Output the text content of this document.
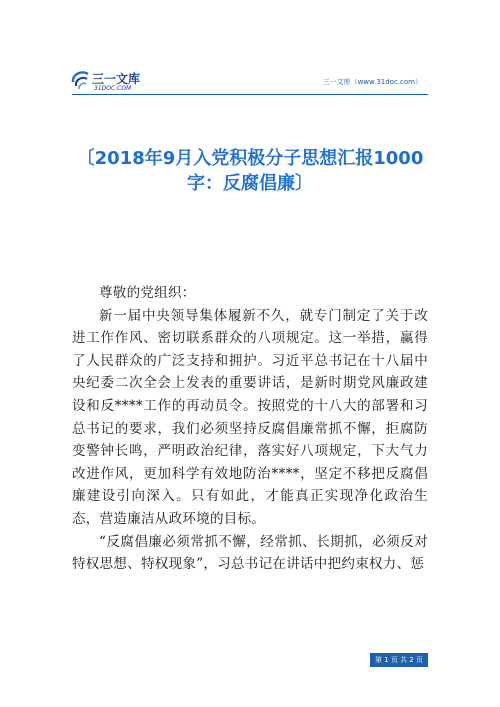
三一文库
31DOC.COM
三一文库（www.31doc.com）
〔2018年9月入党积极分子思想汇报1000字：反腐倡廉〕

尊敬的党组织：

新一届中央领导集体履新不久，就专门制定了关于改进工作作风、密切联系群众的八项规定。这一举措，赢得了人民群众的广泛支持和拥护。习近平总书记在十八届中央纪委二次全会上发表的重要讲话，是新时期党风廉政建设和反****工作的再动员令。按照党的十八大的部署和习总书记的要求，我们必须坚持反腐倡廉常抓不懈，拒腐防变警钟长鸣，严明政治纪律，落实好八项规定，下大气力改进作风，更加科学有效地防治****，坚定不移把反腐倡廉建设引向深入。只有如此，才能真正实现净化政治生态，营造廉洁从政环境的目标。

“反腐倡廉必须常抓不懈，经常抓、长期抓，必须反对特权思想、特权现象”，习总书记在讲话中把约束权力、惩

第 1 页 共 2 页
